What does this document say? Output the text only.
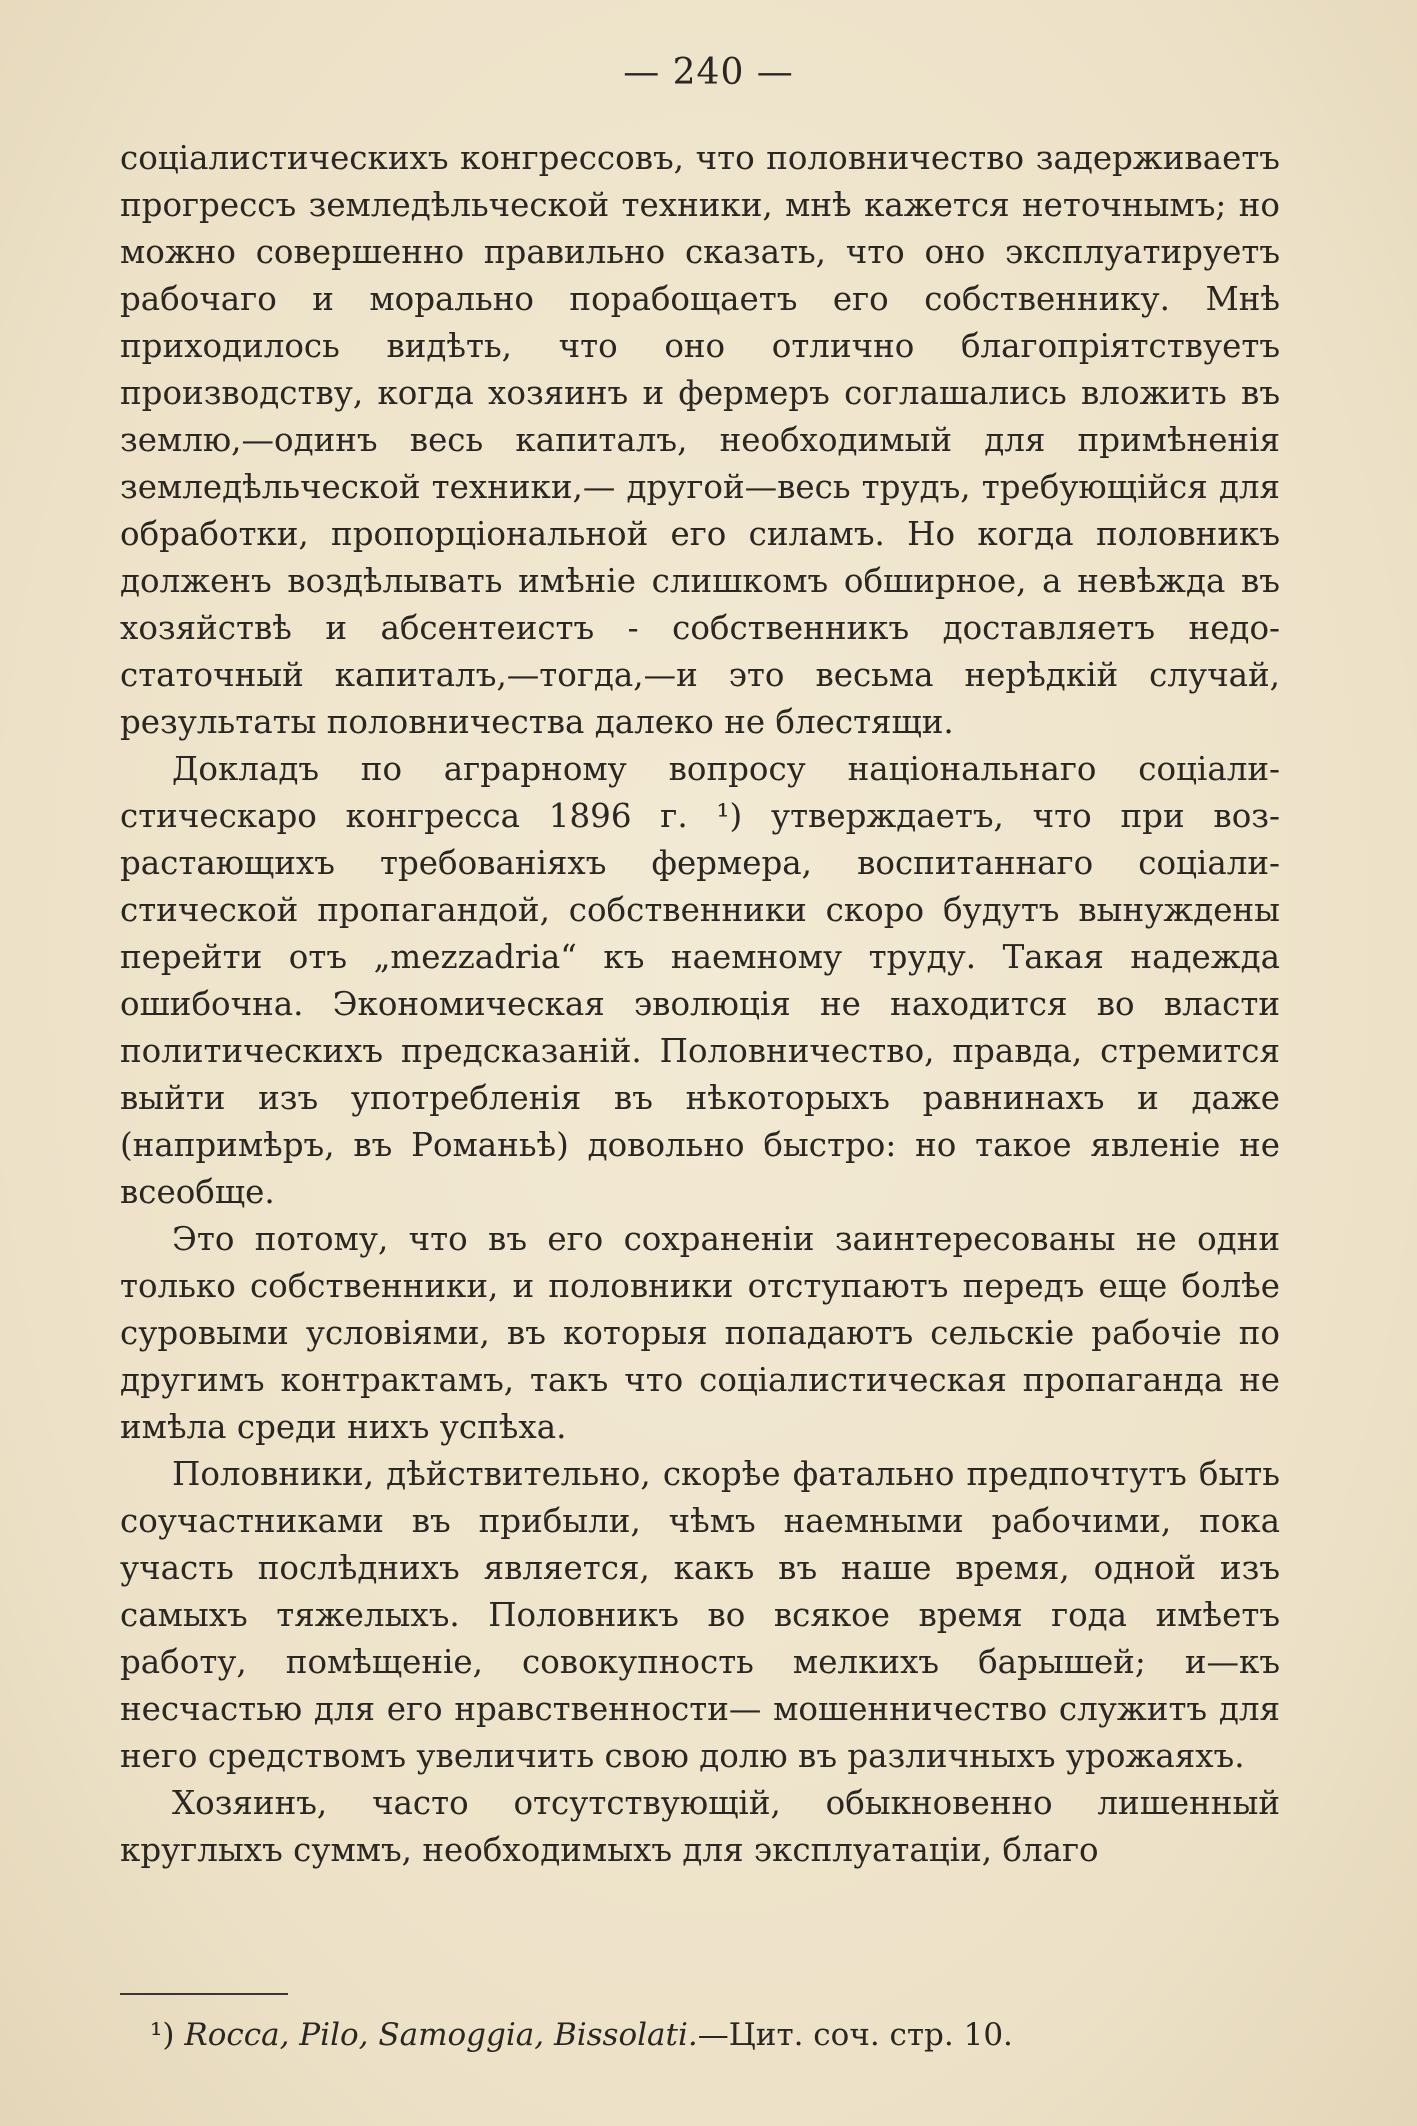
— 240 —

соціалистическихъ конгрессовъ, что половничество задерживаетъ прогрессъ земледѣльческой техники, мнѣ кажется неточнымъ; но можно совершенно правильно сказать, что оно эксплуатируетъ рабочаго и морально порабощаетъ его собственнику. Мнѣ приходилось видѣть, что оно отлично благопріятствуетъ производству, когда хозяинъ и фермеръ соглашались вложить въ землю,—одинъ весь капиталъ, необходимый для примѣненія земледѣльческой техники,— другой—весь трудъ, требующійся для обработки, пропорціональной его силамъ. Но когда половникъ долженъ воздѣлывать имѣніе слишкомъ обширное, а невѣжда въ хозяйствѣ и абсентеистъ - собственникъ доставляетъ недостаточный капиталъ,—тогда,—и это весьма нерѣдкій случай, результаты половничества далеко не блестящи.

Докладъ по аграрному вопросу національнаго соціалистическаро конгресса 1896 г. ¹) утверждаетъ, что при возрастающихъ требованіяхъ фермера, воспитаннаго соціалистической пропагандой, собственники скоро будутъ вынуждены перейти отъ „mezzadria“ къ наемному труду. Такая надежда ошибочна. Экономическая эволюція не находится во власти политическихъ предсказаній. Половничество, правда, стремится выйти изъ употребленія въ нѣкоторыхъ равнинахъ и даже (напримѣръ, въ Романьѣ) довольно быстро: но такое явленіе не всеобще.

Это потому, что въ его сохраненіи заинтересованы не одни только собственники, и половники отступаютъ передъ еще болѣе суровыми условіями, въ которыя попадаютъ сельскіе рабочіе по другимъ контрактамъ, такъ что соціалистическая пропаганда не имѣла среди нихъ успѣха.

Половники, дѣйствительно, скорѣе фатально предпочтутъ быть соучастниками въ прибыли, чѣмъ наемными рабочими, пока участь послѣднихъ является, какъ въ наше время, одной изъ самыхъ тяжелыхъ. Половникъ во всякое время года имѣетъ работу, помѣщеніе, совокупность мелкихъ барышей; и—къ несчастью для его нравственности— мошенничество служитъ для него средствомъ увеличить свою долю въ различныхъ урожаяхъ.

Хозяинъ, часто отсутствующій, обыкновенно лишенный круглыхъ суммъ, необходимыхъ для эксплуатаціи, благо

¹) Rocca, Pilo, Samoggia, Bissolati.—Цит. соч. стр. 10.
